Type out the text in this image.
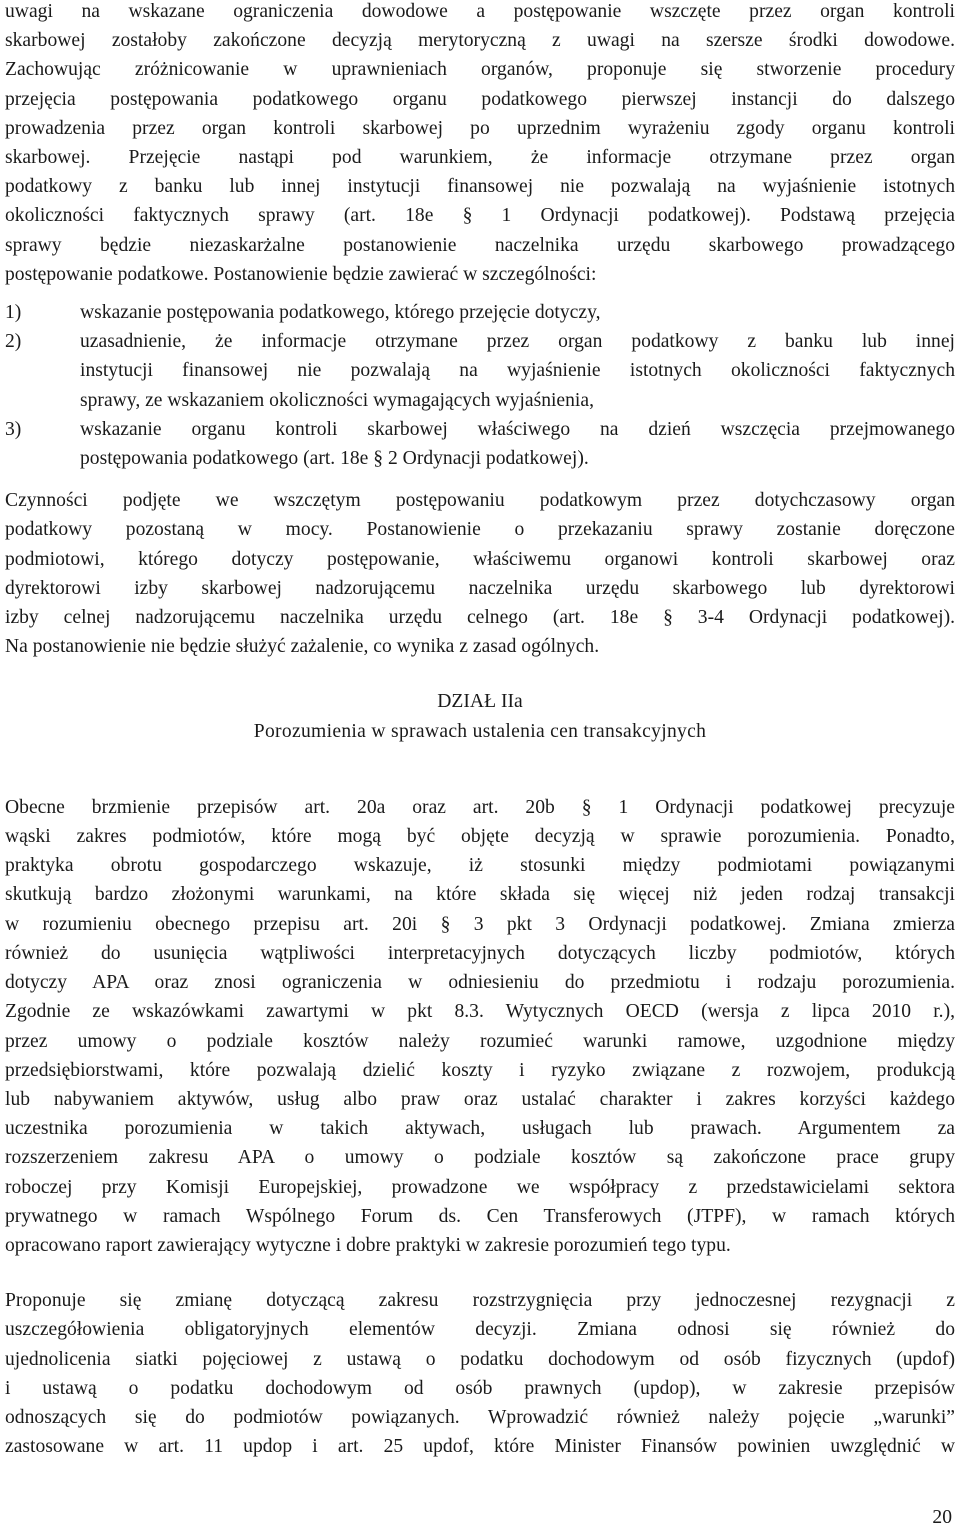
uwagi na wskazane ograniczenia dowodowe a postępowanie wszczęte przez organ kontroli

skarbowej zostałoby zakończone decyzją merytoryczną z uwagi na szersze środki dowodowe.

Zachowując zróżnicowanie w uprawnieniach organów, proponuje się stworzenie procedury

przejęcia postępowania podatkowego organu podatkowego pierwszej instancji do dalszego

prowadzenia przez organ kontroli skarbowej po uprzednim wyrażeniu zgody organu kontroli

skarbowej. Przejęcie nastąpi pod warunkiem, że informacje otrzymane przez organ

podatkowy z banku lub innej instytucji finansowej nie pozwalają na wyjaśnienie istotnych

okoliczności faktycznych sprawy (art. 18e § 1 Ordynacji podatkowej). Podstawą przejęcia

sprawy będzie niezaskarżalne postanowienie naczelnika urzędu skarbowego prowadzącego

postępowanie podatkowe. Postanowienie będzie zawierać w szczególności:

1)	wskazanie postępowania podatkowego, którego przejęcie dotyczy,

2)	uzasadnienie, że informacje otrzymane przez organ podatkowy z banku lub innej

instytucji finansowej nie pozwalają na wyjaśnienie istotnych okoliczności faktycznych

sprawy, ze wskazaniem okoliczności wymagających wyjaśnienia,

3)	wskazanie organu kontroli skarbowej właściwego na dzień wszczęcia przejmowanego

postępowania podatkowego (art. 18e § 2 Ordynacji podatkowej).

Czynności podjęte we wszczętym postępowaniu podatkowym przez dotychczasowy organ

podatkowy pozostaną w mocy. Postanowienie o przekazaniu sprawy zostanie doręczone

podmiotowi, którego dotyczy postępowanie, właściwemu organowi kontroli skarbowej oraz

dyrektorowi izby skarbowej nadzorującemu naczelnika urzędu skarbowego lub dyrektorowi

izby celnej nadzorującemu naczelnika urzędu celnego (art. 18e § 3-4 Ordynacji podatkowej).

Na postanowienie nie będzie służyć zażalenie, co wynika z zasad ogólnych.

DZIAŁ IIa

Porozumienia w sprawach ustalenia cen transakcyjnych

Obecne brzmienie przepisów art. 20a oraz art. 20b § 1 Ordynacji podatkowej precyzuje

wąski zakres podmiotów, które mogą być objęte decyzją w sprawie porozumienia. Ponadto,

praktyka obrotu gospodarczego wskazuje, iż stosunki między podmiotami powiązanymi

skutkują bardzo złożonymi warunkami, na które składa się więcej niż jeden rodzaj transakcji

w rozumieniu obecnego przepisu art. 20i § 3 pkt 3 Ordynacji podatkowej. Zmiana zmierza

również do usunięcia wątpliwości interpretacyjnych dotyczących liczby podmiotów, których

dotyczy APA oraz znosi ograniczenia w odniesieniu do przedmiotu i rodzaju porozumienia.

Zgodnie ze wskazówkami zawartymi w pkt 8.3. Wytycznych OECD (wersja z lipca 2010 r.),

przez umowy o podziale kosztów należy rozumieć warunki ramowe, uzgodnione między

przedsiębiorstwami, które pozwalają dzielić koszty i ryzyko związane z rozwojem, produkcją

lub nabywaniem aktywów, usług albo praw oraz ustalać charakter i zakres korzyści każdego

uczestnika porozumienia w takich aktywach, usługach lub prawach. Argumentem za

rozszerzeniem zakresu APA o umowy o podziale kosztów są zakończone prace grupy

roboczej przy Komisji Europejskiej, prowadzone we współpracy z przedstawicielami sektora

prywatnego w ramach Wspólnego Forum ds. Cen Transferowych (JTPF), w ramach których

opracowano raport zawierający wytyczne i dobre praktyki w zakresie porozumień tego typu.

Proponuje się zmianę dotyczącą zakresu rozstrzygnięcia przy jednoczesnej rezygnacji z

uszczegółowienia obligatoryjnych elementów decyzji. Zmiana odnosi się również do

ujednolicenia siatki pojęciowej z ustawą o podatku dochodowym od osób fizycznych (updof)

i ustawą o podatku dochodowym od osób prawnych (updop), w zakresie przepisów

odnoszących się do podmiotów powiązanych. Wprowadzić również należy pojęcie „warunki”

zastosowane w art. 11 updop i art. 25 updof, które Minister Finansów powinien uwzględnić w

20
